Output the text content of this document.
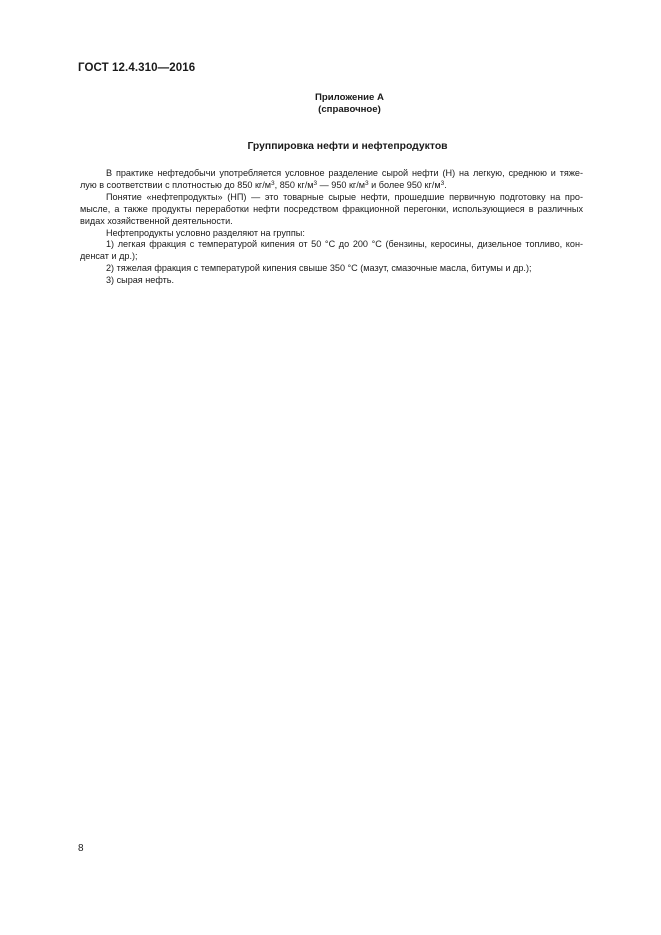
ГОСТ 12.4.310—2016
Приложение А
(справочное)
Группировка нефти и нефтепродуктов

В практике нефтедобычи употребляется условное разделение сырой нефти (Н) на легкую, среднюю и тяже-
лую в соответствии с плотностью до 850 $кг/м^3$, 850 $кг/м^3$ — 950 $кг/м^3$ и более 950 $кг/м^3$.

Понятие «нефтепродукты» (НП) — это товарные сырые нефти, прошедшие первичную подготовку на про-
мысле, а также продукты переработки нефти посредством фракционной перегонки, использующиеся в различных
видах хозяйственной деятельности.

Нефтепродукты условно разделяют на группы:

1) легкая фракция с температурой кипения от 50 °С до 200 °С (бензины, керосины, дизельное топливо, кон-
денсат и др.);

2) тяжелая фракция с температурой кипения свыше 350 °С (мазут, смазочные масла, битумы и др.);

3) сырая нефть.

8
